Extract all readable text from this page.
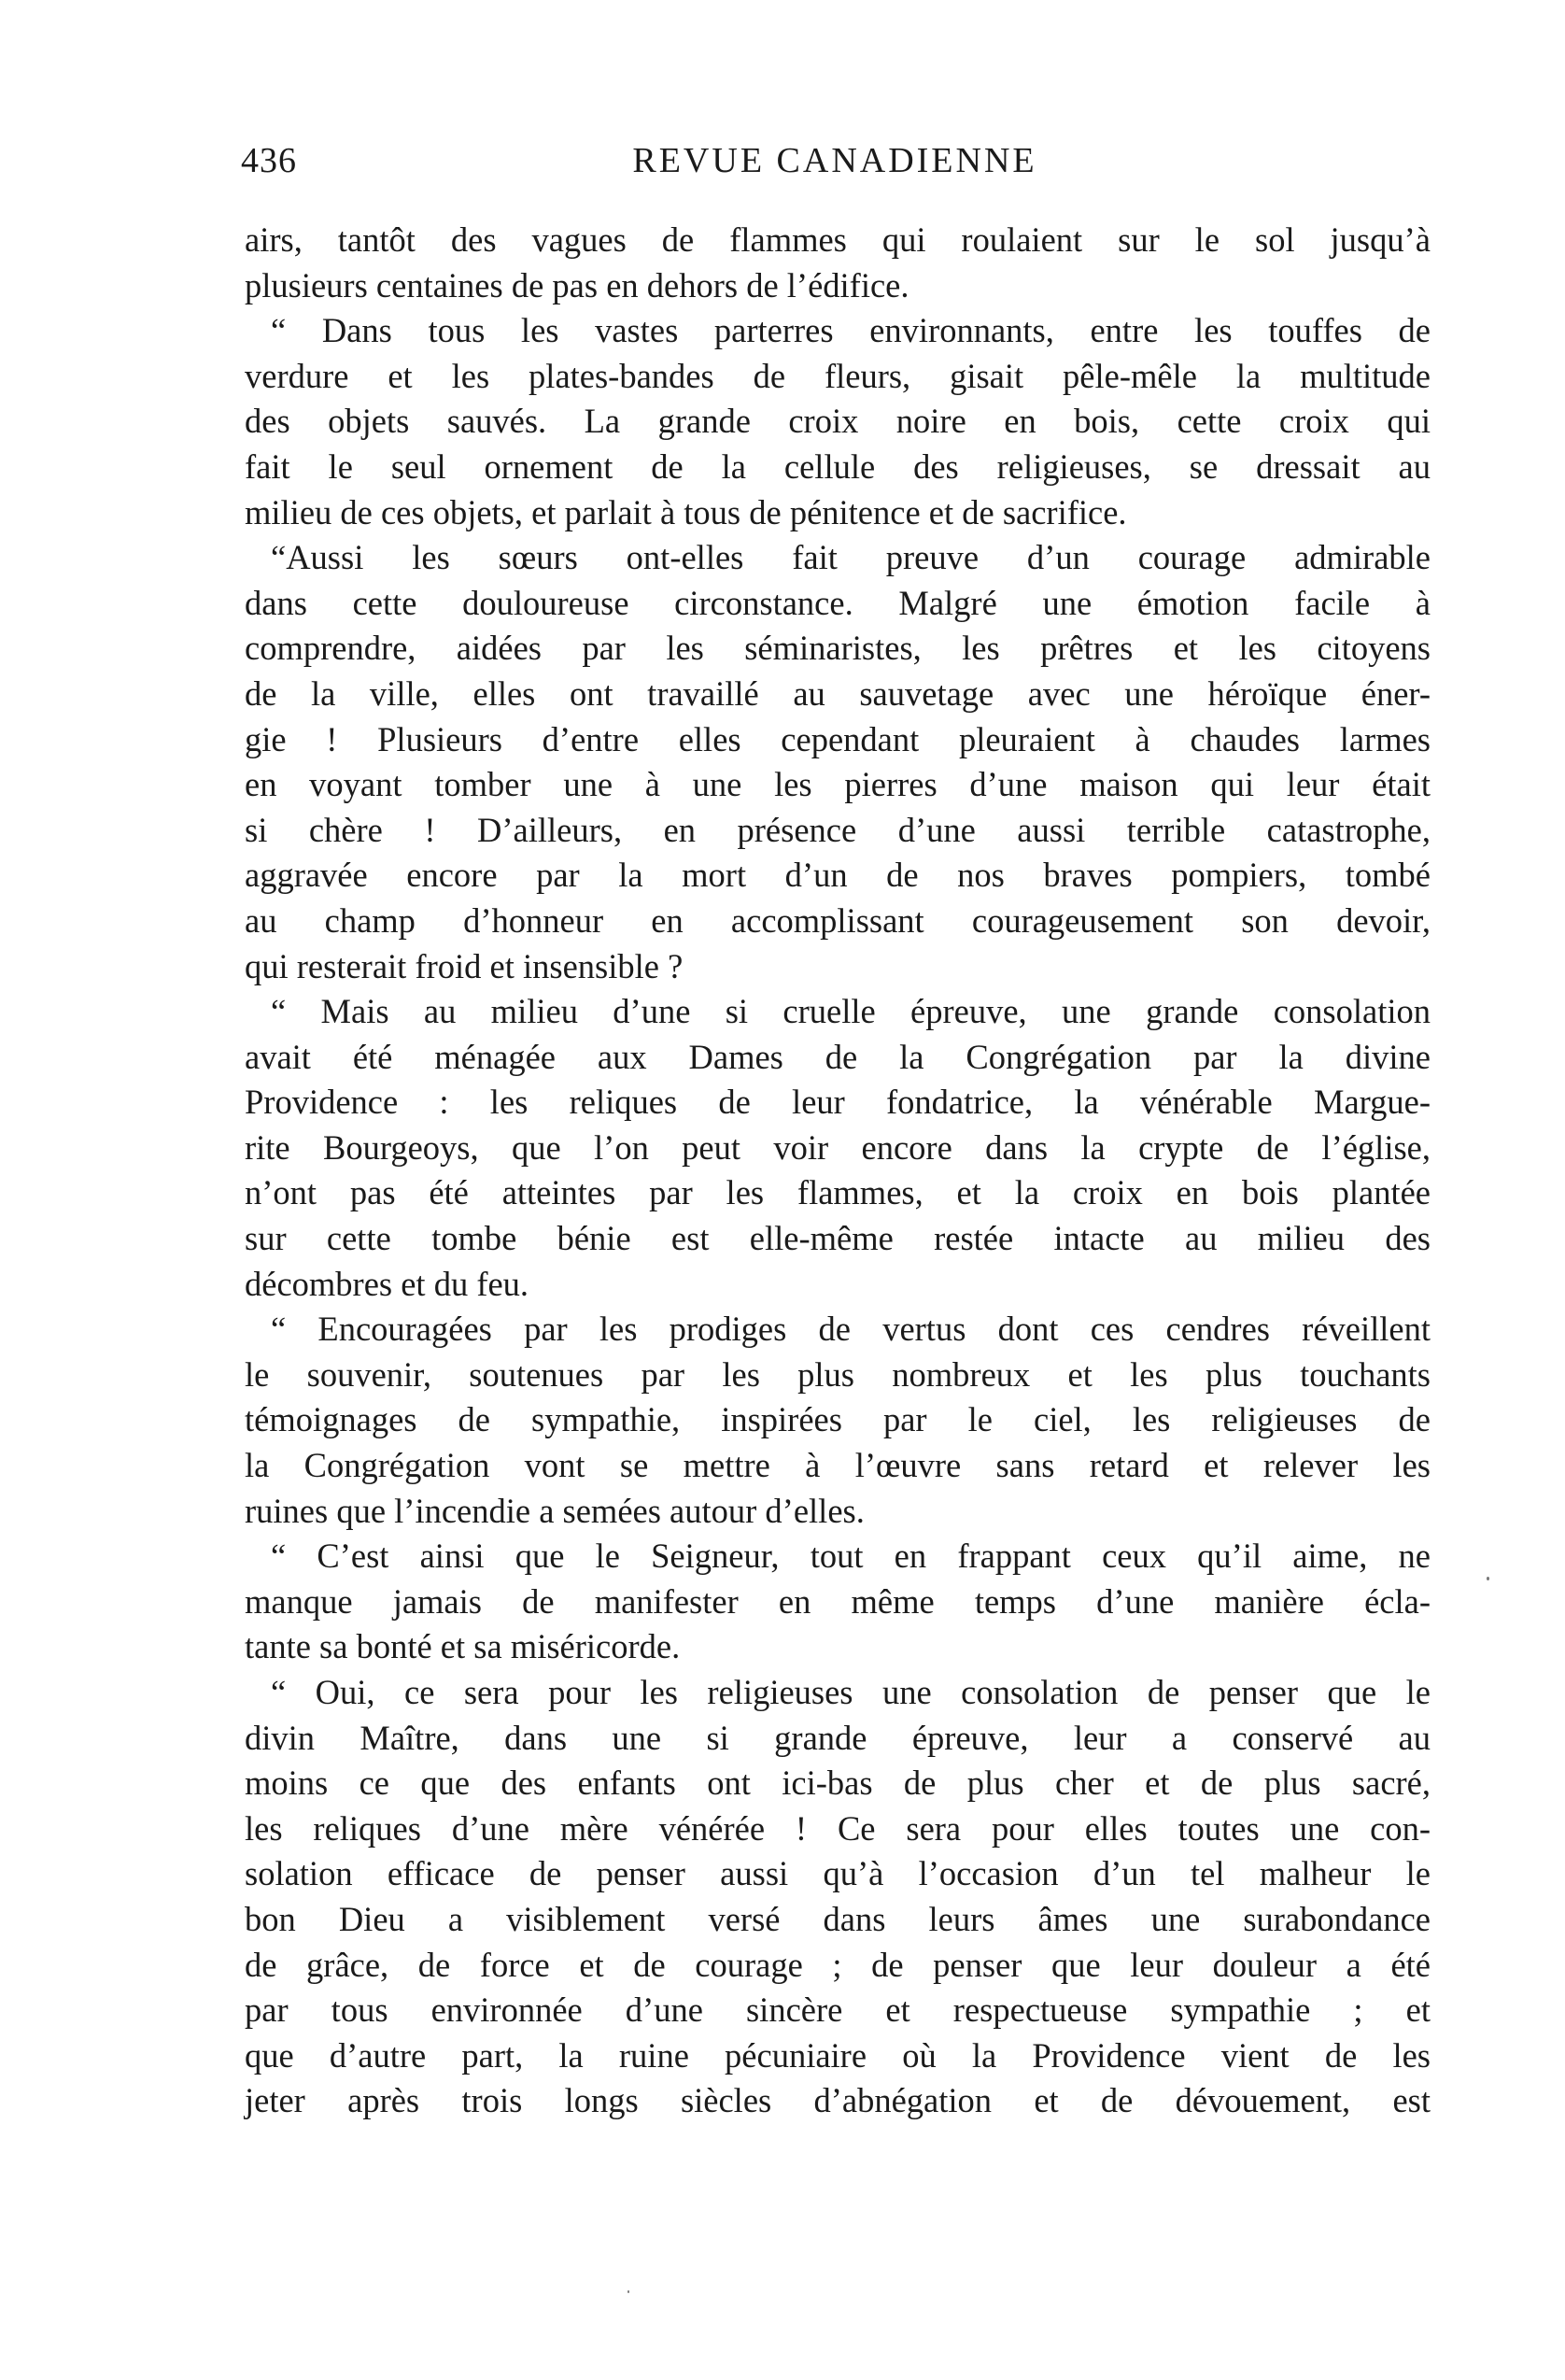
436	REVUE CANADIENNE
airs, tantôt des vagues de flammes qui roulaient sur le sol jusqu’à
plusieurs centaines de pas en dehors de l’édifice.
“ Dans tous les vastes parterres environnants, entre les touffes de
verdure et les plates-bandes de fleurs, gisait pêle-mêle la multitude
des objets sauvés. La grande croix noire en bois, cette croix qui
fait le seul ornement de la cellule des religieuses, se dressait au
milieu de ces objets, et parlait à tous de pénitence et de sacrifice.
“Aussi les sœurs ont-elles fait preuve d’un courage admirable
dans cette douloureuse circonstance. Malgré une émotion facile à
comprendre, aidées par les séminaristes, les prêtres et les citoyens
de la ville, elles ont travaillé au sauvetage avec une héroïque éner-
gie ! Plusieurs d’entre elles cependant pleuraient à chaudes larmes
en voyant tomber une à une les pierres d’une maison qui leur était
si chère ! D’ailleurs, en présence d’une aussi terrible catastrophe,
aggravée encore par la mort d’un de nos braves pompiers, tombé
au champ d’honneur en accomplissant courageusement son devoir,
qui resterait froid et insensible ?
“ Mais au milieu d’une si cruelle épreuve, une grande consolation
avait été ménagée aux Dames de la Congrégation par la divine
Providence : les reliques de leur fondatrice, la vénérable Margue-
rite Bourgeoys, que l’on peut voir encore dans la crypte de l’église,
n’ont pas été atteintes par les flammes, et la croix en bois plantée
sur cette tombe bénie est elle-même restée intacte au milieu des
décombres et du feu.
“ Encouragées par les prodiges de vertus dont ces cendres réveillent
le souvenir, soutenues par les plus nombreux et les plus touchants
témoignages de sympathie, inspirées par le ciel, les religieuses de
la Congrégation vont se mettre à l’œuvre sans retard et relever les
ruines que l’incendie a semées autour d’elles.
“ C’est ainsi que le Seigneur, tout en frappant ceux qu’il aime, ne
manque jamais de manifester en même temps d’une manière écla-
tante sa bonté et sa miséricorde.
“ Oui, ce sera pour les religieuses une consolation de penser que le
divin Maître, dans une si grande épreuve, leur a conservé au
moins ce que des enfants ont ici-bas de plus cher et de plus sacré,
les reliques d’une mère vénérée ! Ce sera pour elles toutes une con-
solation efficace de penser aussi qu’à l’occasion d’un tel malheur le
bon Dieu a visiblement versé dans leurs âmes une surabondance
de grâce, de force et de courage ; de penser que leur douleur a été
par tous environnée d’une sincère et respectueuse sympathie ; et
que d’autre part, la ruine pécuniaire où la Providence vient de les
jeter après trois longs siècles d’abnégation et de dévouement, est
